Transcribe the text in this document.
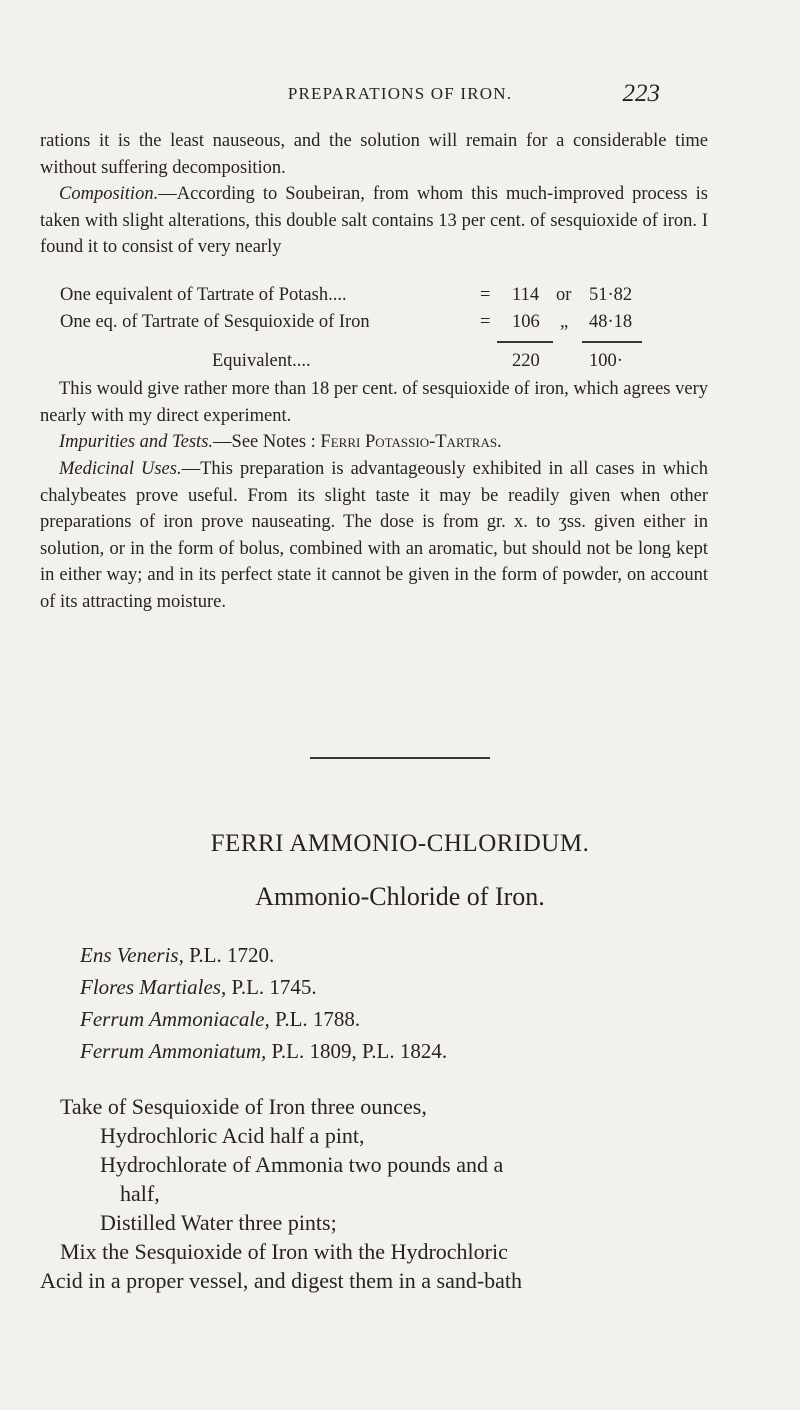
PREPARATIONS OF IRON.	223
rations it is the least nauseous, and the solution will remain for a considerable time without suffering decomposition.
Composition.—According to Soubeiran, from whom this much-improved process is taken with slight alterations, this double salt contains 13 per cent. of sesquioxide of iron. I found it to consist of very nearly
One equivalent of Tartrate of Potash....	= 114 or 51·82
One eq. of Tartrate of Sesquioxide of Iron	= 106 „ 48·18
Equivalent....	220	100·
This would give rather more than 18 per cent. of sesquioxide of iron, which agrees very nearly with my direct experiment.
Impurities and Tests.—See Notes : Ferri Potassio-Tartras.
Medicinal Uses.—This preparation is advantageously exhibited in all cases in which chalybeates prove useful. From its slight taste it may be readily given when other preparations of iron prove nauseating. The dose is from gr. x. to ʒss. given either in solution, or in the form of bolus, combined with an aromatic, but should not be long kept in either way; and in its perfect state it cannot be given in the form of powder, on account of its attracting moisture.
FERRI AMMONIO-CHLORIDUM.
Ammonio-Chloride of Iron.
Ens Veneris, P.L. 1720.
Flores Martiales, P.L. 1745.
Ferrum Ammoniacale, P.L. 1788.
Ferrum Ammoniatum, P.L. 1809, P.L. 1824.
Take of Sesquioxide of Iron three ounces,
Hydrochloric Acid half a pint,
Hydrochlorate of Ammonia two pounds and a
half,
Distilled Water three pints;
Mix the Sesquioxide of Iron with the Hydrochloric
Acid in a proper vessel, and digest them in a sand-bath
